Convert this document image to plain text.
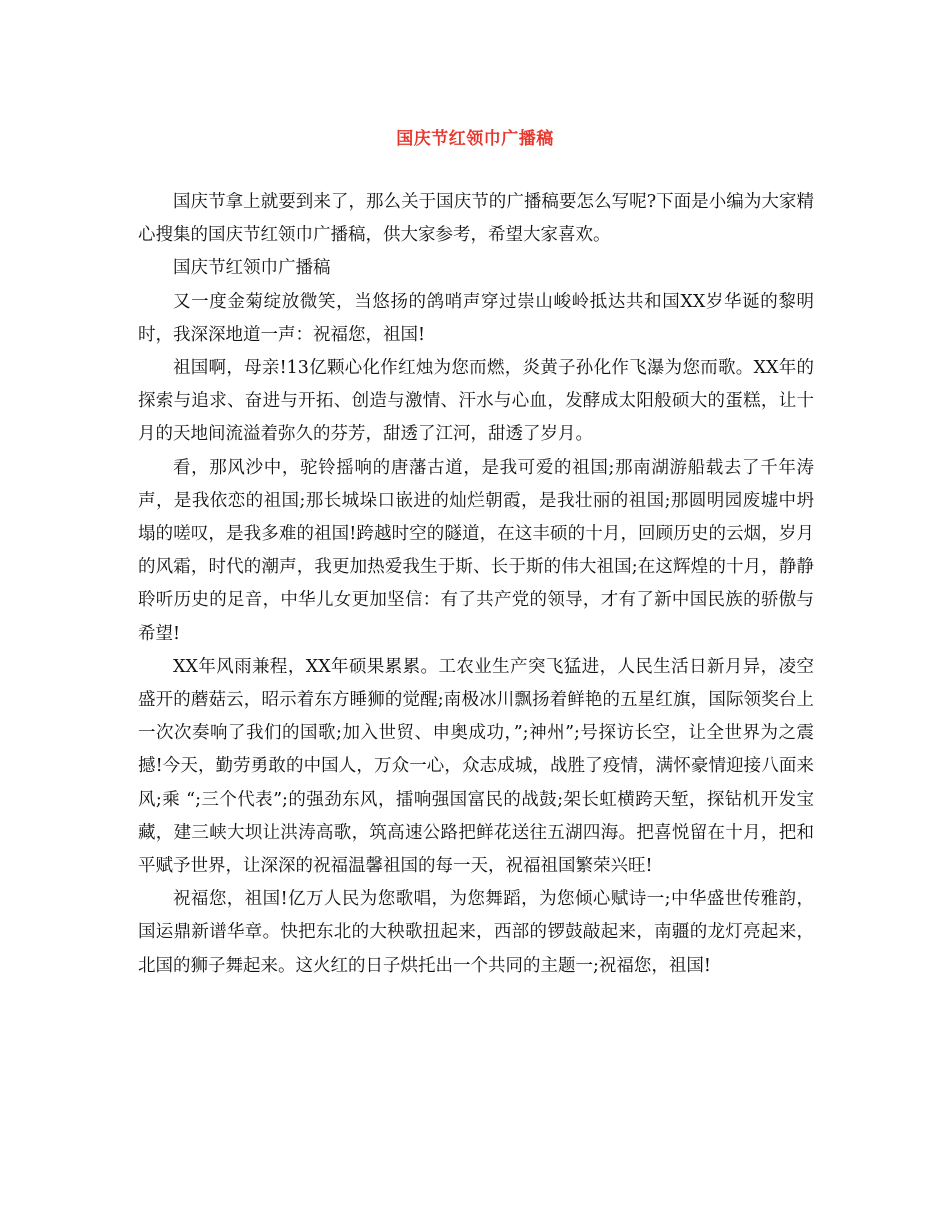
国庆节红领巾广播稿

国庆节拿上就要到来了，那么关于国庆节的广播稿要怎么写呢?下面是小编为大家精心搜集的国庆节红领巾广播稿，供大家参考，希望大家喜欢。

国庆节红领巾广播稿

又一度金菊绽放微笑，当悠扬的鸽哨声穿过崇山峻岭抵达共和国XX岁华诞的黎明时，我深深地道一声：祝福您，祖国!

祖国啊，母亲!13亿颗心化作红烛为您而燃，炎黄子孙化作飞瀑为您而歌。XX年的探索与追求、奋进与开拓、创造与激情、汗水与心血，发酵成太阳般硕大的蛋糕，让十月的天地间流溢着弥久的芬芳，甜透了江河，甜透了岁月。

看，那风沙中，驼铃摇响的唐藩古道，是我可爱的祖国;那南湖游船载去了千年涛声，是我依恋的祖国;那长城垛口嵌进的灿烂朝霞，是我壮丽的祖国;那圆明园废墟中坍塌的嗟叹，是我多难的祖国!跨越时空的隧道，在这丰硕的十月，回顾历史的云烟，岁月的风霜，时代的潮声，我更加热爱我生于斯、长于斯的伟大祖国;在这辉煌的十月，静静聆听历史的足音，中华儿女更加坚信：有了共产党的领导，才有了新中国民族的骄傲与希望!

XX年风雨兼程，XX年硕果累累。工农业生产突飞猛进，人民生活日新月异，凌空盛开的蘑菇云，昭示着东方睡狮的觉醒;南极冰川飘扬着鲜艳的五星红旗，国际领奖台上一次次奏响了我们的国歌;加入世贸、申奥成功，”;神州”;号探访长空，让全世界为之震撼!今天，勤劳勇敢的中国人，万众一心，众志成城，战胜了疫情，满怀豪情迎接八面来风;乘 “;三个代表”;的强劲东风，擂响强国富民的战鼓;架长虹横跨天堑，探钻机开发宝藏，建三峡大坝让洪涛高歌，筑高速公路把鲜花送往五湖四海。把喜悦留在十月，把和平赋予世界，让深深的祝福温馨祖国的每一天，祝福祖国繁荣兴旺!

祝福您，祖国!亿万人民为您歌唱，为您舞蹈，为您倾心赋诗一;中华盛世传雅韵，国运鼎新谱华章。快把东北的大秧歌扭起来，西部的锣鼓敲起来，南疆的龙灯亮起来，北国的狮子舞起来。这火红的日子烘托出一个共同的主题一;祝福您，祖国!
